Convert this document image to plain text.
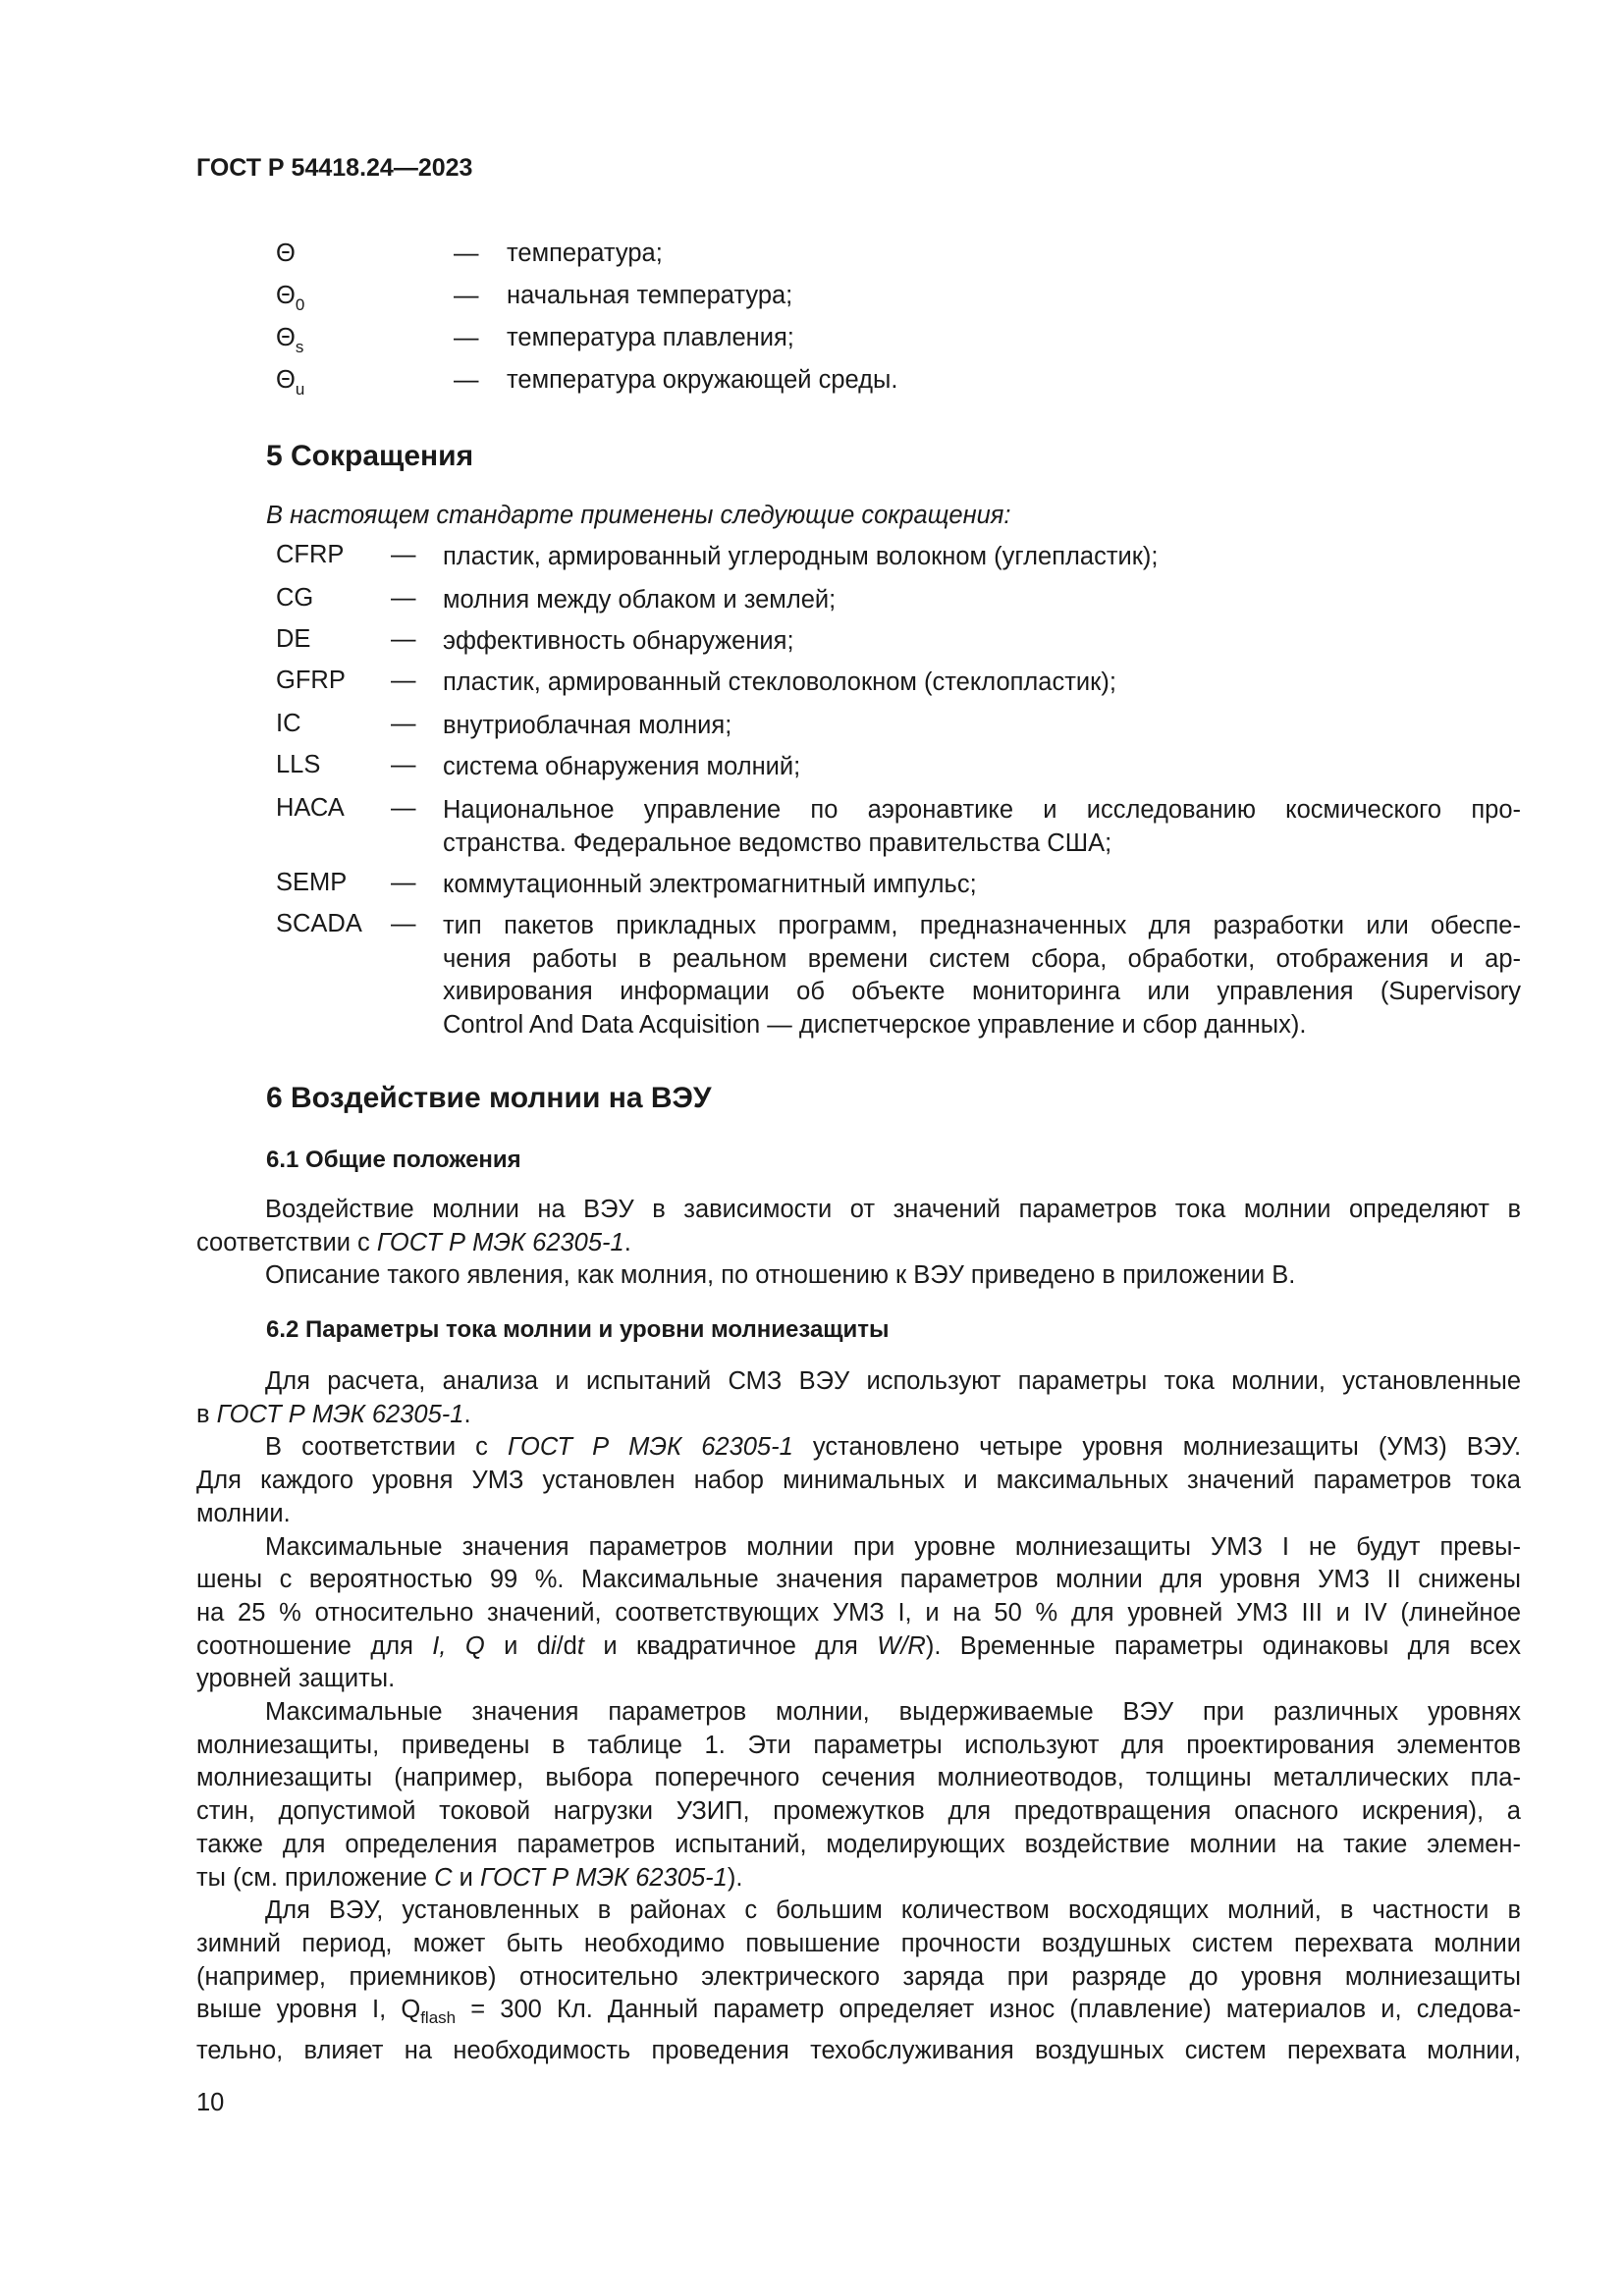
ГОСТ Р 54418.24—2023
Θ	— температура;
$\Theta_0$	— начальная температура;
$\Theta_s$	— температура плавления;
$\Theta_u$	— температура окружающей среды.
5 Сокращения
В настоящем стандарте применены следующие сокращения:
CFRP — пластик, армированный углеродным волокном (углепластик);
CG	— молния между облаком и землей;
DE	— эффективность обнаружения;
GFRP — пластик, армированный стекловолокном (стеклопластик);
IC	— внутриоблачная молния;
LLS	— система обнаружения молний;
НАСА — Национальное управление по аэронавтике и исследованию космического про-
странства. Федеральное ведомство правительства США;
SEMP — коммутационный электромагнитный импульс;
SCADA — тип пакетов прикладных программ, предназначенных для разработки или обеспе-
чения работы в реальном времени систем сбора, обработки, отображения и ар-
хивирования информации об объекте мониторинга или управления (Supervisory
Control And Data Acquisition — диспетчерское управление и сбор данных).
6 Воздействие молнии на ВЭУ
6.1 Общие положения
Воздействие молнии на ВЭУ в зависимости от значений параметров тока молнии определяют в
соответствии с ГОСТ Р МЭК 62305-1.
Описание такого явления, как молния, по отношению к ВЭУ приведено в приложении В.
6.2 Параметры тока молнии и уровни молниезащиты
Для расчета, анализа и испытаний СМЗ ВЭУ используют параметры тока молнии, установленные
в ГОСТ Р МЭК 62305-1.
В соответствии с ГОСТ Р МЭК 62305-1 установлено четыре уровня молниезащиты (УМЗ) ВЭУ.
Для каждого уровня УМЗ установлен набор минимальных и максимальных значений параметров тока
молнии.
Максимальные значения параметров молнии при уровне молниезащиты УМЗ I не будут превы-
шены с вероятностью 99 %. Максимальные значения параметров молнии для уровня УМЗ II снижены
на 25 % относительно значений, соответствующих УМЗ I, и на 50 % для уровней УМЗ III и IV (линейное
соотношение для I, Q и di/dt и квадратичное для W/R). Временные параметры одинаковы для всех
уровней защиты.
Максимальные значения параметров молнии, выдерживаемые ВЭУ при различных уровнях
молниезащиты, приведены в таблице 1. Эти параметры используют для проектирования элементов
молниезащиты (например, выбора поперечного сечения молниеотводов, толщины металлических пла-
стин, допустимой токовой нагрузки УЗИП, промежутков для предотвращения опасного искрения), а
также для определения параметров испытаний, моделирующих воздействие молнии на такие элемен-
ты (см. приложение С и ГОСТ Р МЭК 62305-1).
Для ВЭУ, установленных в районах с большим количеством восходящих молний, в частности в
зимний период, может быть необходимо повышение прочности воздушных систем перехвата молнии
(например, приемников) относительно электрического заряда при разряде до уровня молниезащиты
выше уровня I, $Q_{flash} = 300$ Кл. Данный параметр определяет износ (плавление) материалов и, следова-
тельно, влияет на необходимость проведения техобслуживания воздушных систем перехвата молнии,
10
